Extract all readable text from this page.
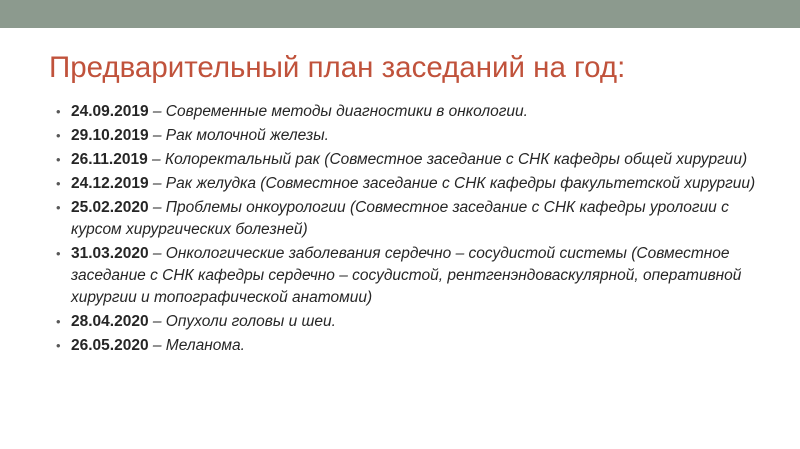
Предварительный план заседаний на год:
• 24.09.2019 – Современные методы диагностики в онкологии.
• 29.10.2019 – Рак молочной железы.
• 26.11.2019 – Колоректальный рак (Совместное заседание с СНК кафедры общей хирургии)
• 24.12.2019 – Рак желудка (Совместное заседание с СНК кафедры факультетской хирургии)
• 25.02.2020 – Проблемы онкоурологии (Совместное заседание с СНК кафедры урологии с курсом хирургических болезней)
• 31.03.2020 – Онкологические заболевания сердечно – сосудистой системы (Совместное заседание с СНК кафедры сердечно – сосудистой, рентгенэндоваскулярной, оперативной хирургии и топографической анатомии)
• 28.04.2020 – Опухоли головы и шеи.
• 26.05.2020 – Меланома.
